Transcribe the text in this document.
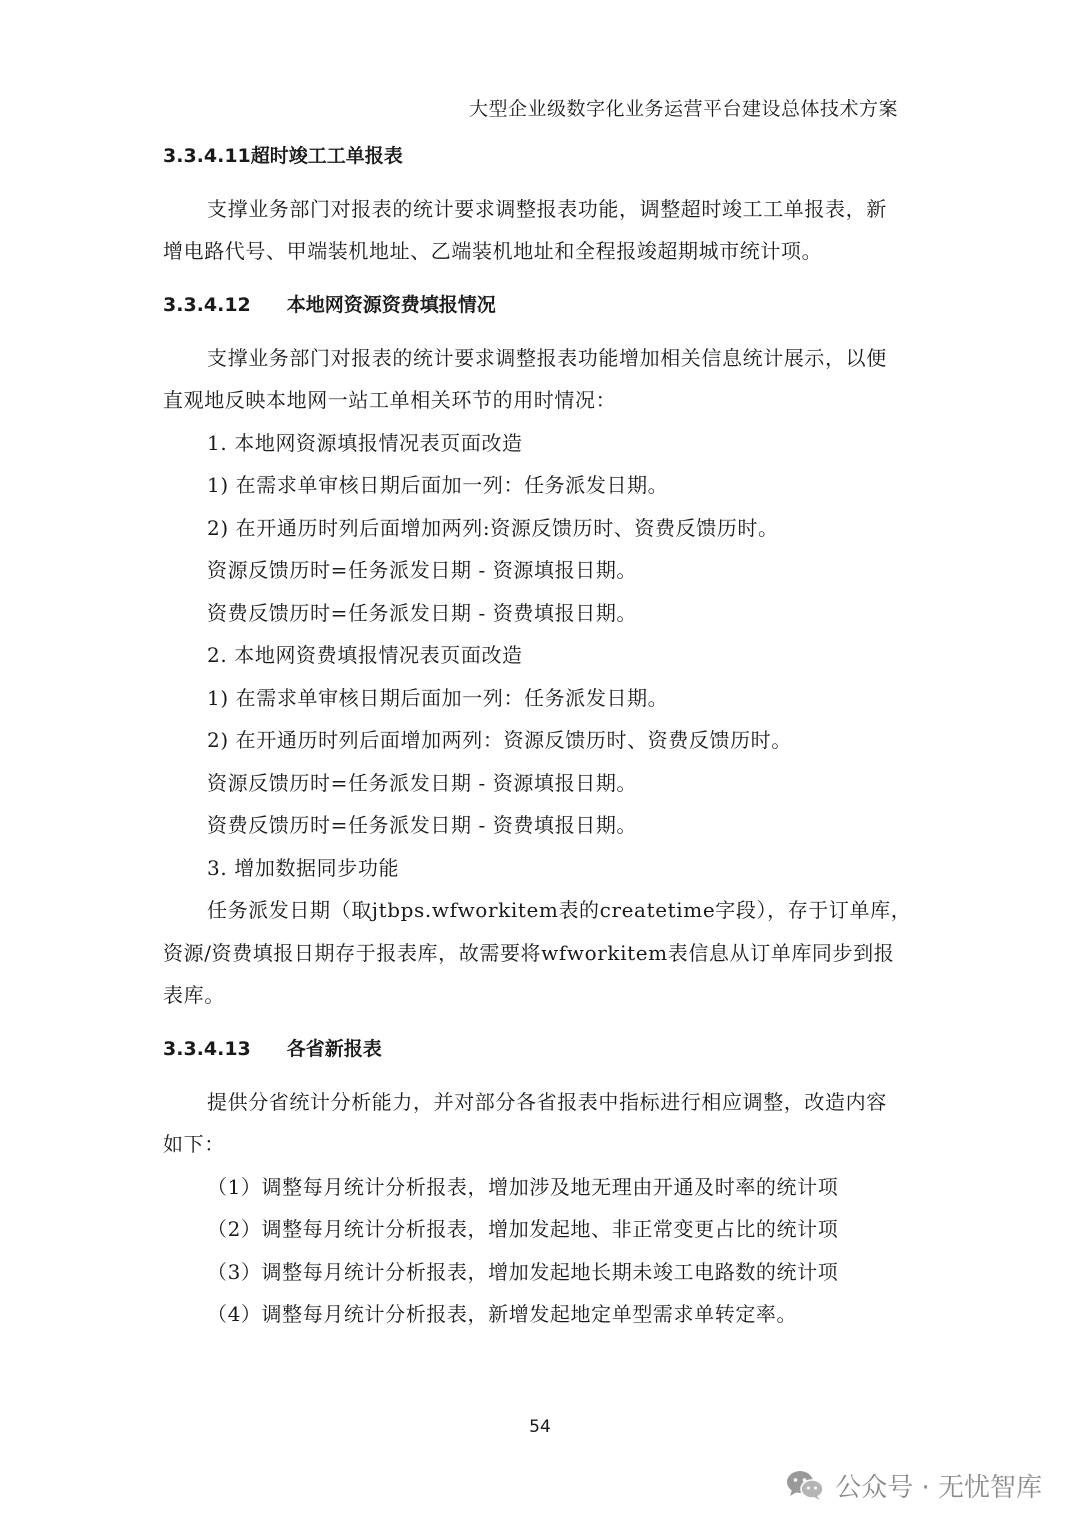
大型企业级数字化业务运营平台建设总体技术方案
3.3.4.11超时竣工工单报表
支撑业务部门对报表的统计要求调整报表功能，调整超时竣工工单报表，新
增电路代号、甲端装机地址、乙端装机地址和全程报竣超期城市统计项。
3.3.4.12 本地网资源资费填报情况
支撑业务部门对报表的统计要求调整报表功能增加相关信息统计展示，以便
直观地反映本地网一站工单相关环节的用时情况：
1. 本地网资源填报情况表页面改造
1) 在需求单审核日期后面加一列：任务派发日期。
2) 在开通历时列后面增加两列:资源反馈历时、资费反馈历时。
资源反馈历时=任务派发日期 - 资源填报日期。
资费反馈历时=任务派发日期 - 资费填报日期。
2. 本地网资费填报情况表页面改造
1) 在需求单审核日期后面加一列：任务派发日期。
2) 在开通历时列后面增加两列：资源反馈历时、资费反馈历时。
资源反馈历时=任务派发日期 - 资源填报日期。
资费反馈历时=任务派发日期 - 资费填报日期。
3. 增加数据同步功能
任务派发日期（取jtbps.wfworkitem表的createtime字段），存于订单库，
资源/资费填报日期存于报表库，故需要将wfworkitem表信息从订单库同步到报
表库。
3.3.4.13 各省新报表
提供分省统计分析能力，并对部分各省报表中指标进行相应调整，改造内容
如下：
（1）调整每月统计分析报表，增加涉及地无理由开通及时率的统计项
（2）调整每月统计分析报表，增加发起地、非正常变更占比的统计项
（3）调整每月统计分析报表，增加发起地长期未竣工电路数的统计项
（4）调整每月统计分析报表，新增发起地定单型需求单转定率。
54
公众号 · 无忧智库
